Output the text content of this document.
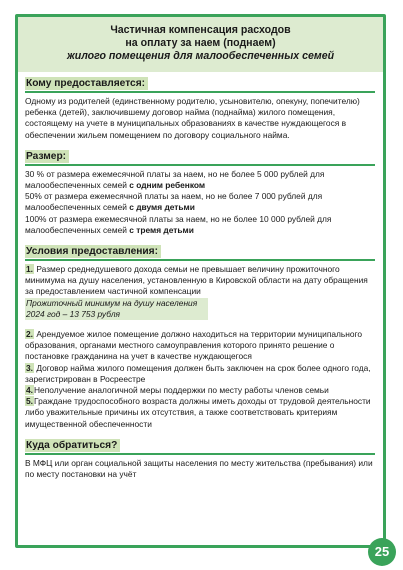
Частичная компенсация расходов
на оплату за наем (поднаем)
жилого помещения для малообеспеченных семей
Кому предоставляется:

Одному из родителей (единственному родителю, усыновителю, опекуну, попечителю) ребенка (детей), заключившему договор найма (поднайма) жилого помещения, состоящему на учете в муниципальных образованиях в качестве нуждающегося в обеспечении жильем помещением по договору социального найма.

Размер:

30 % от размера ежемесячной платы за наем, но не более 5 000 рублей для малообеспеченных семей с одним ребенком

50% от размера ежемесячной платы за наем, но не более 7 000 рублей для малообеспеченных семей с двумя детьми

100% от размера ежемесячной платы за наем, но не более 10 000 рублей для малообеспеченных семей с тремя детьми

Условия предоставления:

1. Размер среднедушевого дохода семьи не превышает величину прожиточного минимума на душу населения, установленную в Кировской области на дату обращения за предоставлением частичной компенсации

Прожиточный минимум на душу населения

2024 год – 13 753 рубля

2. Арендуемое жилое помещение должно находиться на территории муниципального образования, органами местного самоуправления которого принято решение о постановке гражданина на учет в качестве нуждающегося

3. Договор найма жилого помещения должен быть заключен на срок более одного года, зарегистрирован в Росреестре

4.Неполучение аналогичной меры поддержки по месту работы членов семьи

5.Граждане трудоспособного возраста должны иметь доходы от трудовой деятельности либо уважительные причины их отсутствия, а также соответствовать критериям имущественной обеспеченности

Куда обратиться?

В МФЦ или орган социальной защиты населения по месту жительства (пребывания) или по месту постановки на учёт

25
